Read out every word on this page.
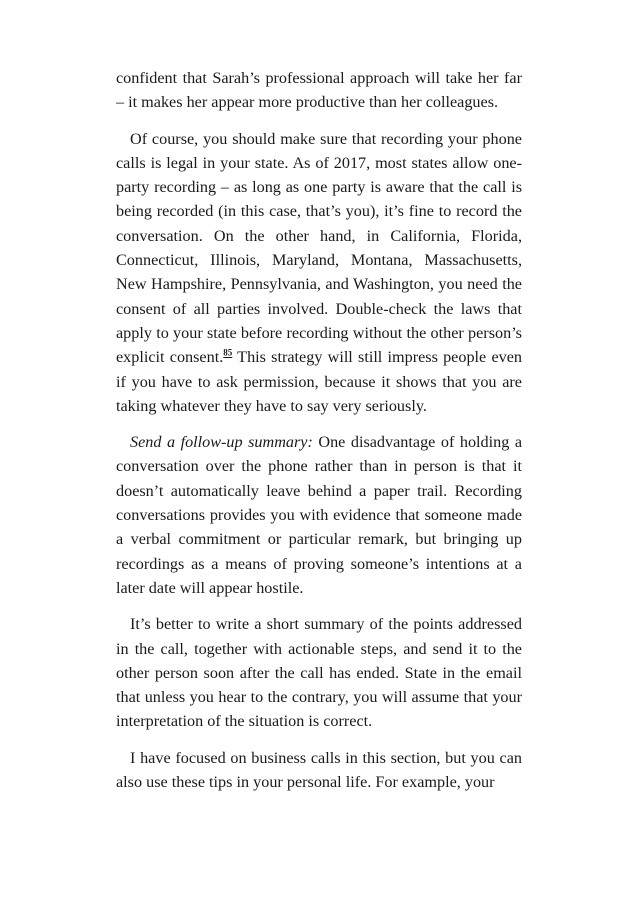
confident that Sarah’s professional approach will take her far – it makes her appear more productive than her colleagues.

Of course, you should make sure that recording your phone calls is legal in your state. As of 2017, most states allow one-party recording – as long as one party is aware that the call is being recorded (in this case, that’s you), it’s fine to record the conversation. On the other hand, in California, Florida, Connecticut, Illinois, Maryland, Montana, Massachusetts, New Hampshire, Pennsylvania, and Washington, you need the consent of all parties involved. Double-check the laws that apply to your state before recording without the other person’s explicit consent.$^{85}$ This strategy will still impress people even if you have to ask permission, because it shows that you are taking whatever they have to say very seriously.

Send a follow-up summary: One disadvantage of holding a conversation over the phone rather than in person is that it doesn’t automatically leave behind a paper trail. Recording conversations provides you with evidence that someone made a verbal commitment or particular remark, but bringing up recordings as a means of proving someone’s intentions at a later date will appear hostile.

It’s better to write a short summary of the points addressed in the call, together with actionable steps, and send it to the other person soon after the call has ended. State in the email that unless you hear to the contrary, you will assume that your interpretation of the situation is correct.

I have focused on business calls in this section, but you can also use these tips in your personal life. For example, your
